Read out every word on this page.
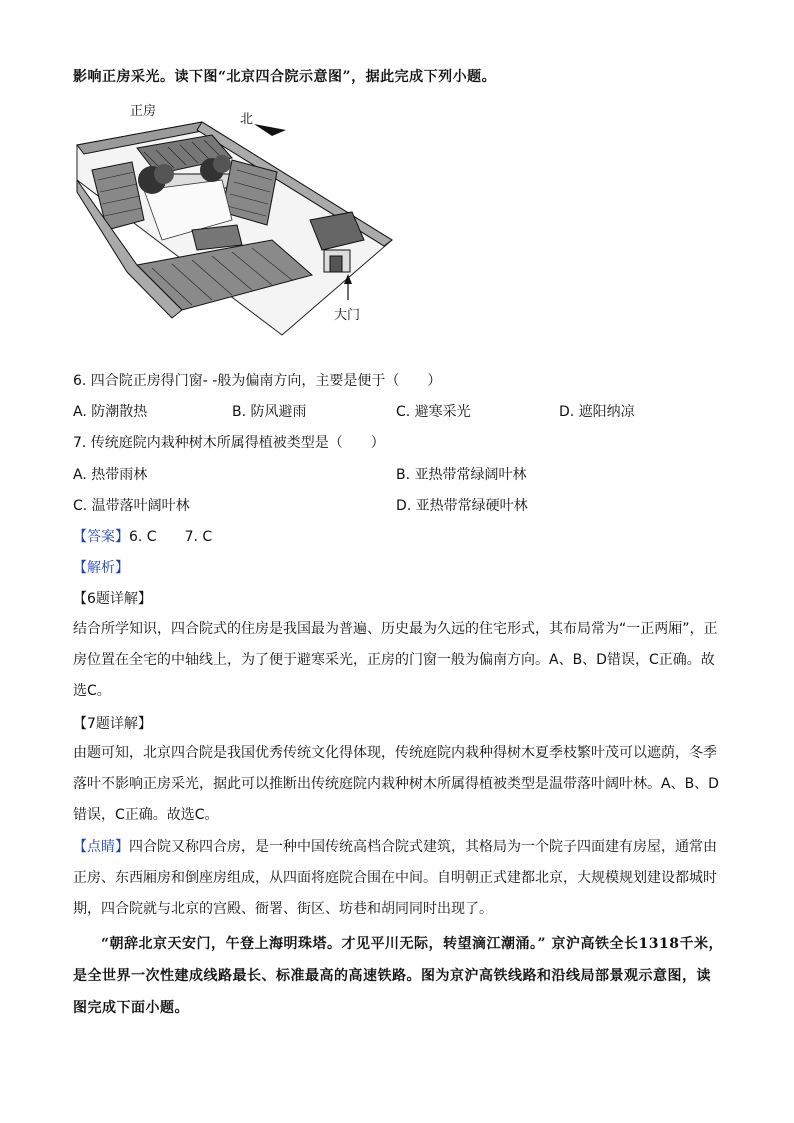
影响正房采光。读下图“北京四合院示意图”，据此完成下列小题。
正房
北
大门
6. 四合院正房得门窗- -般为偏南方向，主要是便于（　　）
A. 防潮散热	B. 防风避雨	C. 避寒采光	D. 遮阳纳凉
7. 传统庭院内栽种树木所属得植被类型是（　　）
A. 热带雨林	B. 亚热带常绿阔叶林
C. 温带落叶阔叶林	D. 亚热带常绿硬叶林
【答案】6. C　　7. C
【解析】
【6题详解】
结合所学知识，四合院式的住房是我国最为普遍、历史最为久远的住宅形式，其布局常为“一正两厢”，正房位置在全宅的中轴线上，为了便于避寒采光，正房的门窗一般为偏南方向。A、B、D错误，C正确。故选C。
【7题详解】
由题可知，北京四合院是我国优秀传统文化得体现，传统庭院内栽种得树木夏季枝繁叶茂可以遮荫，冬季落叶不影响正房采光，据此可以推断出传统庭院内栽种树木所属得植被类型是温带落叶阔叶林。A、B、D错误，C正确。故选C。
【点睛】四合院又称四合房，是一种中国传统高档合院式建筑，其格局为一个院子四面建有房屋，通常由正房、东西厢房和倒座房组成，从四面将庭院合围在中间。自明朝正式建都北京，大规模规划建设都城时期，四合院就与北京的宫殿、衙署、街区、坊巷和胡同同时出现了。
“朝辞北京天安门，午登上海明珠塔。才见平川无际，转望滴江潮涌。” 京沪高铁全长1318千米，是全世界一次性建成线路最长、标准最高的高速铁路。图为京沪高铁线路和沿线局部景观示意图，读图完成下面小题。
